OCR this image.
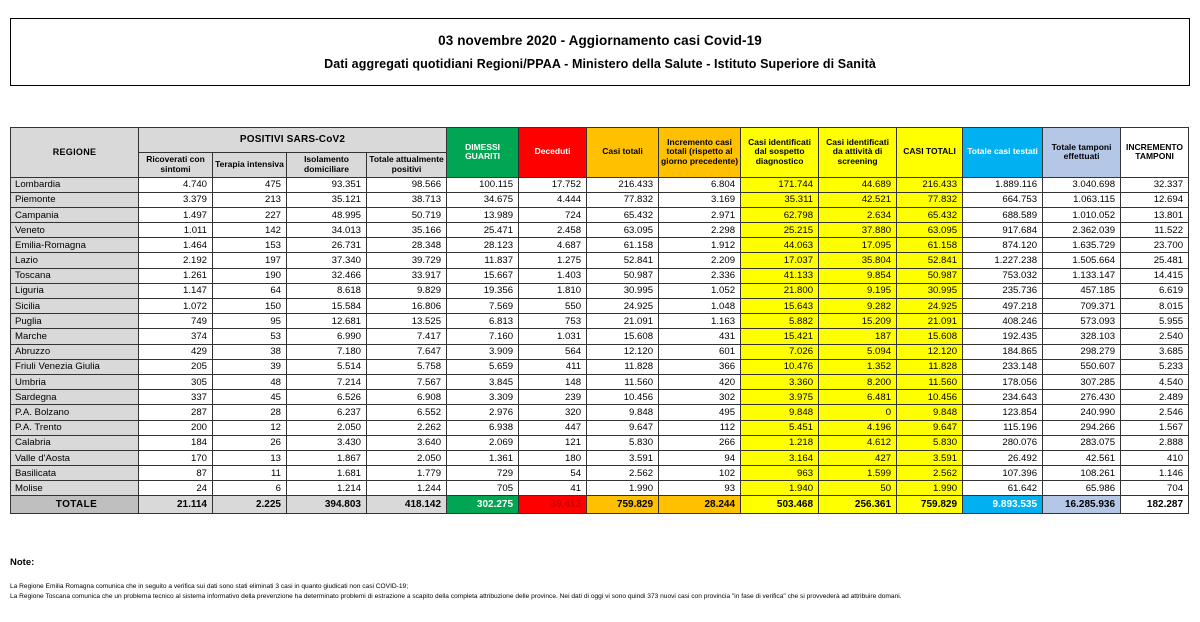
03 novembre 2020 - Aggiornamento casi Covid-19
Dati aggregati quotidiani Regioni/PPAA - Ministero della Salute - Istituto Superiore di Sanità
REGIONE	POSITIVI SARS-CoV2				DIMESSI GUARITI	Deceduti	Casi totali	Incremento casi totali (rispetto al giorno precedente)	Casi identificati dal sospetto diagnostico	Casi identificati da attività di screening	CASI TOTALI	Totale casi testati	Totale tamponi effettuati	INCREMENTO TAMPONI
	Ricoverati con sintomi	Terapia intensiva	Isolamento domiciliare	Totale attualmente positivi										
Lombardia	4.740	475	93.351	98.566	100.115	17.752	216.433	6.804	171.744	44.689	216.433	1.889.116	3.040.698	32.337
Piemonte	3.379	213	35.121	38.713	34.675	4.444	77.832	3.169	35.311	42.521	77.832	664.753	1.063.115	12.694
Campania	1.497	227	48.995	50.719	13.989	724	65.432	2.971	62.798	2.634	65.432	688.589	1.010.052	13.801
Veneto	1.011	142	34.013	35.166	25.471	2.458	63.095	2.298	25.215	37.880	63.095	917.684	2.362.039	11.522
Emilia-Romagna	1.464	153	26.731	28.348	28.123	4.687	61.158	1.912	44.063	17.095	61.158	874.120	1.635.729	23.700
Lazio	2.192	197	37.340	39.729	11.837	1.275	52.841	2.209	17.037	35.804	52.841	1.227.238	1.505.664	25.481
Toscana	1.261	190	32.466	33.917	15.667	1.403	50.987	2.336	41.133	9.854	50.987	753.032	1.133.147	14.415
Liguria	1.147	64	8.618	9.829	19.356	1.810	30.995	1.052	21.800	9.195	30.995	235.736	457.185	6.619
Sicilia	1.072	150	15.584	16.806	7.569	550	24.925	1.048	15.643	9.282	24.925	497.218	709.371	8.015
Puglia	749	95	12.681	13.525	6.813	753	21.091	1.163	5.882	15.209	21.091	408.246	573.093	5.955
Marche	374	53	6.990	7.417	7.160	1.031	15.608	431	15.421	187	15.608	192.435	328.103	2.540
Abruzzo	429	38	7.180	7.647	3.909	564	12.120	601	7.026	5.094	12.120	184.865	298.279	3.685
Friuli Venezia Giulia	205	39	5.514	5.758	5.659	411	11.828	366	10.476	1.352	11.828	233.148	550.607	5.233
Umbria	305	48	7.214	7.567	3.845	148	11.560	420	3.360	8.200	11.560	178.056	307.285	4.540
Sardegna	337	45	6.526	6.908	3.309	239	10.456	302	3.975	6.481	10.456	234.643	276.430	2.489
P.A. Bolzano	287	28	6.237	6.552	2.976	320	9.848	495	9.848	0	9.848	123.854	240.990	2.546
P.A. Trento	200	12	2.050	2.262	6.938	447	9.647	112	5.451	4.196	9.647	115.196	294.266	1.567
Calabria	184	26	3.430	3.640	2.069	121	5.830	266	1.218	4.612	5.830	280.076	283.075	2.888
Valle d'Aosta	170	13	1.867	2.050	1.361	180	3.591	94	3.164	427	3.591	26.492	42.561	410
Basilicata	87	11	1.681	1.779	729	54	2.562	102	963	1.599	2.562	107.396	108.261	1.146
Molise	24	6	1.214	1.244	705	41	1.990	93	1.940	50	1.990	61.642	65.986	704
TOTALE	21.114	2.225	394.803	418.142	302.275	39.412	759.829	28.244	503.468	256.361	759.829	9.893.535	16.285.936	182.287
Note:
La Regione Emilia Romagna comunica che in seguito a verifica sui dati sono stati eliminati 3 casi in quanto giudicati non casi COVID-19;
La Regione Toscana comunica che un problema tecnico al sistema informativo della prevenzione ha determinato problemi di estrazione a scapito della completa attribuzione delle province. Nei dati di oggi vi sono quindi 373 nuovi casi con provincia "in fase di verifica" che si provvederà ad attribuire domani.
